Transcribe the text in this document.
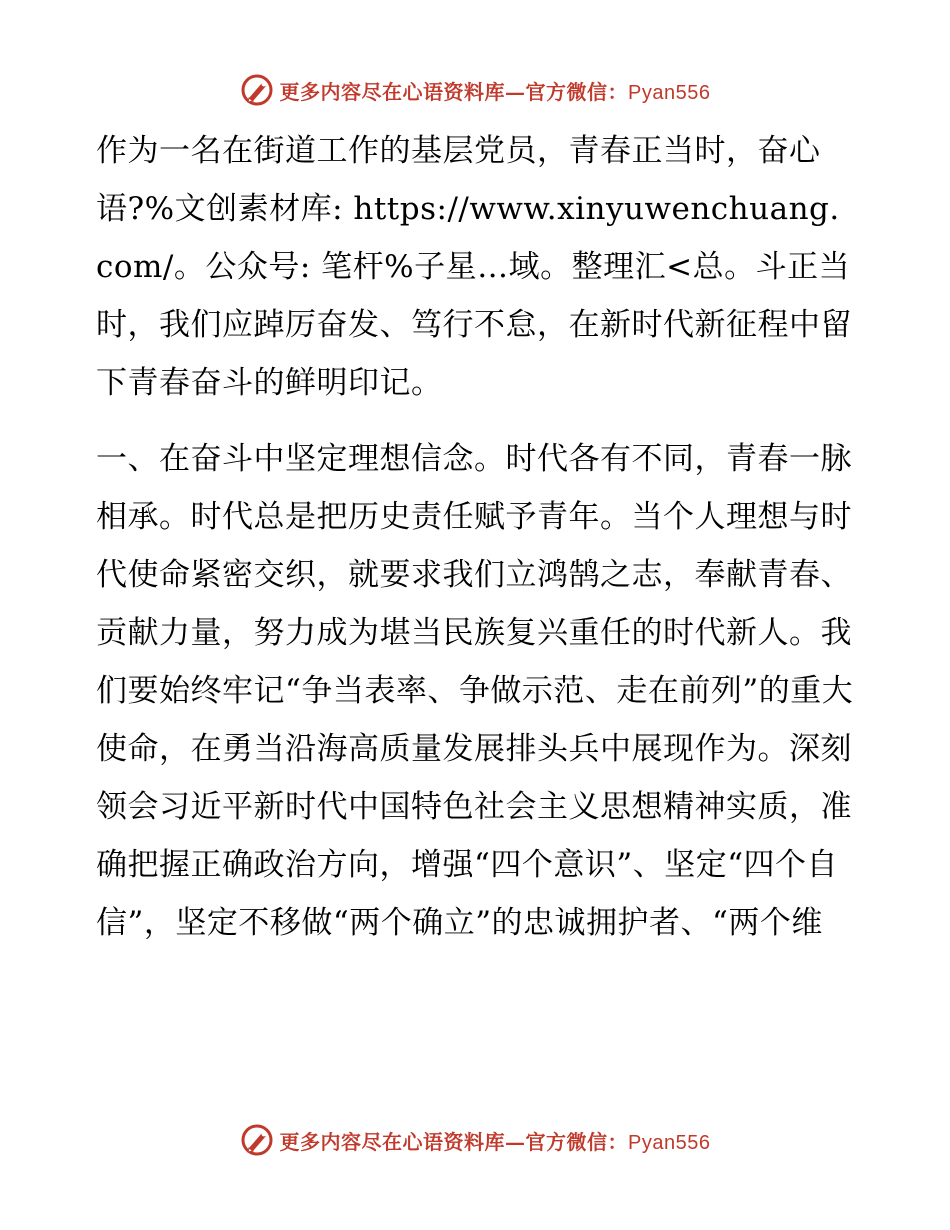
更多内容尽在心语资料库—官方微信：Pyan556

作为一名在街道工作的基层党员，青春正当时，奋心语?%文创素材库: https://www.xinyuwenchuang.com/。公众号: 笔杆%子星…域。整理汇<总。斗正当时，我们应踔厉奋发、笃行不怠，在新时代新征程中留下青春奋斗的鲜明印记。

一、在奋斗中坚定理想信念。时代各有不同，青春一脉相承。时代总是把历史责任赋予青年。当个人理想与时代使命紧密交织，就要求我们立鸿鹄之志，奉献青春、贡献力量，努力成为堪当民族复兴重任的时代新人。我们要始终牢记“争当表率、争做示范、走在前列”的重大使命，在勇当沿海高质量发展排头兵中展现作为。深刻领会习近平新时代中国特色社会主义思想精神实质，准确把握正确政治方向，增强“四个意识”、坚定“四个自信”，坚定不移做“两个确立”的忠诚拥护者、“两个维

更多内容尽在心语资料库—官方微信：Pyan556
